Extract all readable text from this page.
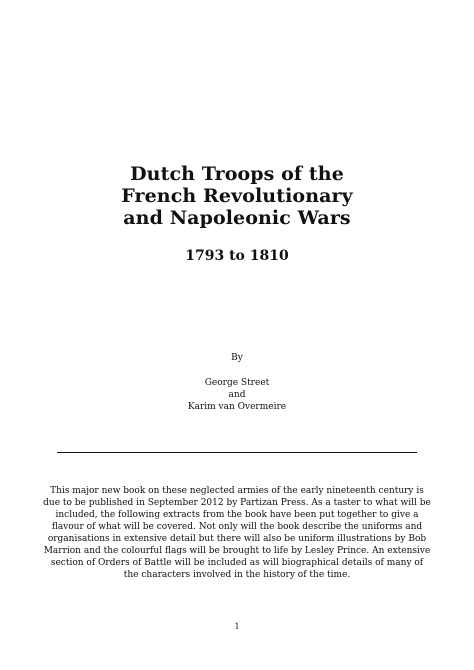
Dutch Troops of the
French Revolutionary
and Napoleonic Wars
1793 to 1810
By
George Street
and
Karim van Overmeire
This major new book on these neglected armies of the early nineteenth century is
due to be published in September 2012 by Partizan Press. As a taster to what will be
included, the following extracts from the book have been put together to give a
flavour of what will be covered. Not only will the book describe the uniforms and
organisations in extensive detail but there will also be uniform illustrations by Bob
Marrion and the colourful flags will be brought to life by Lesley Prince. An extensive
section of Orders of Battle will be included as will biographical details of many of
the characters involved in the history of the time.
1
